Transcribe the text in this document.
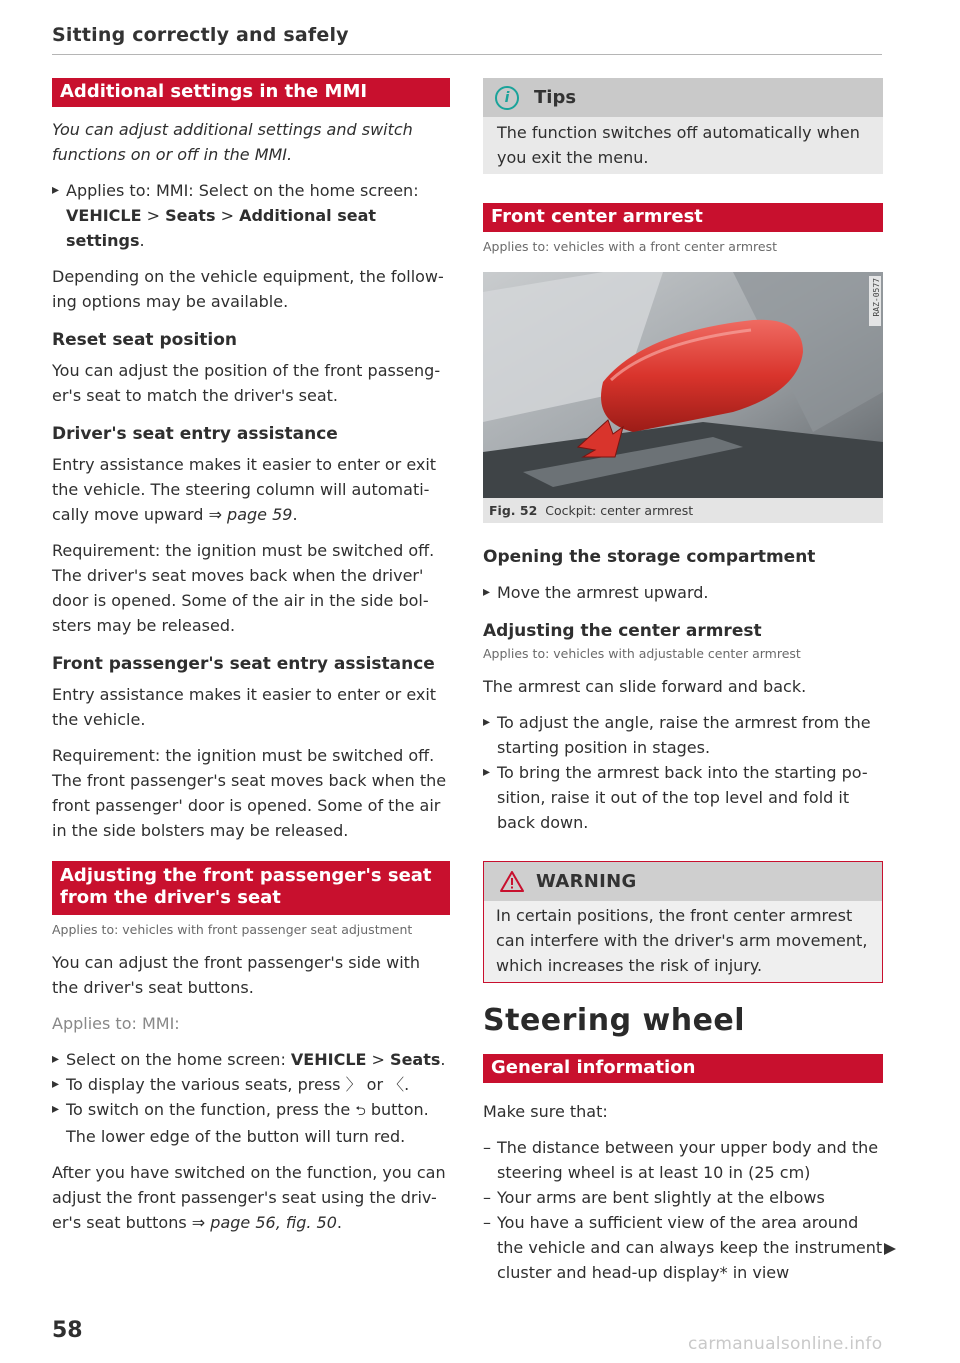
Sitting correctly and safely
Additional settings in the MMI

You can adjust additional settings and switch functions on or off in the MMI.

▸ Applies to: MMI: Select on the home screen:
VEHICLE > Seats > Additional seat settings.

Depending on the vehicle equipment, the follow-ing options may be available.

Reset seat position

You can adjust the position of the front passeng-er's seat to match the driver's seat.

Driver's seat entry assistance

Entry assistance makes it easier to enter or exit the vehicle. The steering column will automati-cally move upward ⇒ page 59.

Requirement: the ignition must be switched off. The driver's seat moves back when the driver' door is opened. Some of the air in the side bol-sters may be released.

Front passenger's seat entry assistance

Entry assistance makes it easier to enter or exit the vehicle.

Requirement: the ignition must be switched off. The front passenger's seat moves back when the front passenger' door is opened. Some of the air in the side bolsters may be released.

Adjusting the front passenger's seat from the driver's seat
Applies to: vehicles with front passenger seat adjustment

You can adjust the front passenger's side with the driver's seat buttons.

Applies to: MMI:
▸ Select on the home screen: VEHICLE > Seats.
▸ To display the various seats, press 〉 or 〈.
▸ To switch on the function, press the ⮌ button. The lower edge of the button will turn red.

After you have switched on the function, you can adjust the front passenger's seat using the driv-er's seat buttons ⇒ page 56, fig. 50.

i	Tips

The function switches off automatically when you exit the menu.

Front center armrest
Applies to: vehicles with a front center armrest
RAZ-0577
Fig. 52 Cockpit: center armrest
Opening the storage compartment
▸ Move the armrest upward.
Adjusting the center armrest
Applies to: vehicles with adjustable center armrest

The armrest can slide forward and back.

▸ To adjust the angle, raise the armrest from the starting position in stages.
▸ To bring the armrest back into the starting po-sition, raise it out of the top level and fold it back down.
WARNING

In certain positions, the front center armrest can interfere with the driver's arm movement, which increases the risk of injury.

Steering wheel
General information

Make sure that:

– The distance between your upper body and the steering wheel is at least 10 in (25 cm)
– Your arms are bent slightly at the elbows
– You have a sufficient view of the area around the vehicle and can always keep the instrument cluster and head-up display* in view
58
carmanualsonline.info
